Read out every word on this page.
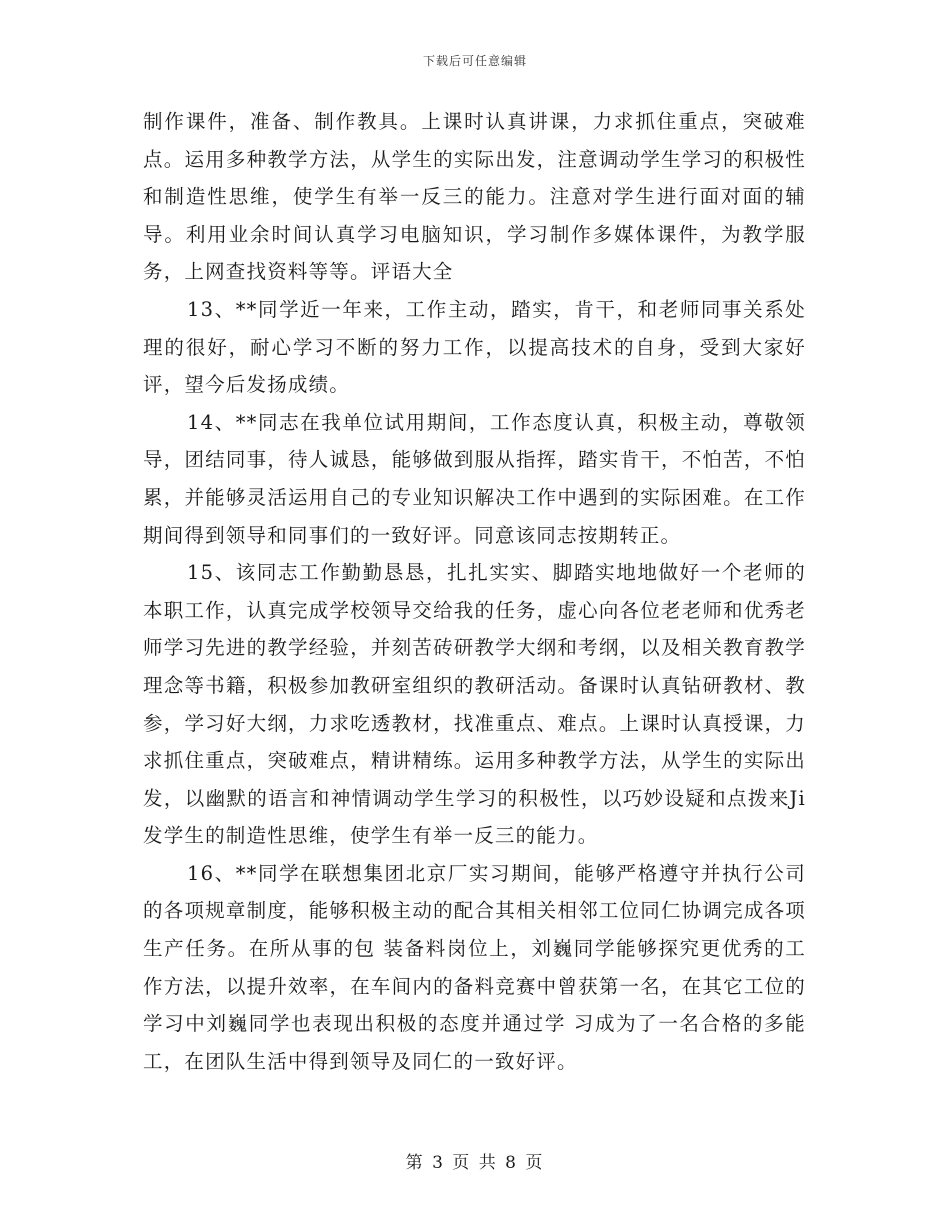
下载后可任意编辑

制作课件，准备、制作教具。上课时认真讲课，力求抓住重点，突破难点。运用多种教学方法，从学生的实际出发，注意调动学生学习的积极性和制造性思维，使学生有举一反三的能力。注意对学生进行面对面的辅导。利用业余时间认真学习电脑知识，学习制作多媒体课件，为教学服务，上网查找资料等等。评语大全

13、**同学近一年来，工作主动，踏实，肯干，和老师同事关系处理的很好，耐心学习不断的努力工作，以提高技术的自身，受到大家好评，望今后发扬成绩。

14、**同志在我单位试用期间，工作态度认真，积极主动，尊敬领导，团结同事，待人诚恳，能够做到服从指挥，踏实肯干，不怕苦，不怕累，并能够灵活运用自己的专业知识解决工作中遇到的实际困难。在工作期间得到领导和同事们的一致好评。同意该同志按期转正。

15、该同志工作勤勤恳恳，扎扎实实、脚踏实地地做好一个老师的本职工作，认真完成学校领导交给我的任务，虚心向各位老老师和优秀老师学习先进的教学经验，并刻苦砖研教学大纲和考纲，以及相关教育教学理念等书籍，积极参加教研室组织的教研活动。备课时认真钻研教材、教参，学习好大纲，力求吃透教材，找准重点、难点。上课时认真授课，力求抓住重点，突破难点，精讲精练。运用多种教学方法，从学生的实际出发，以幽默的语言和神情调动学生学习的积极性，以巧妙设疑和点拨来Ji发学生的制造性思维，使学生有举一反三的能力。

16、**同学在联想集团北京厂实习期间，能够严格遵守并执行公司的各项规章制度，能够积极主动的配合其相关相邻工位同仁协调完成各项生产任务。在所从事的包 装备料岗位上，刘巍同学能够探究更优秀的工作方法，以提升效率，在车间内的备料竞赛中曾获第一名，在其它工位的学习中刘巍同学也表现出积极的态度并通过学 习成为了一名合格的多能工，在团队生活中得到领导及同仁的一致好评。

第 3 页 共 8 页
